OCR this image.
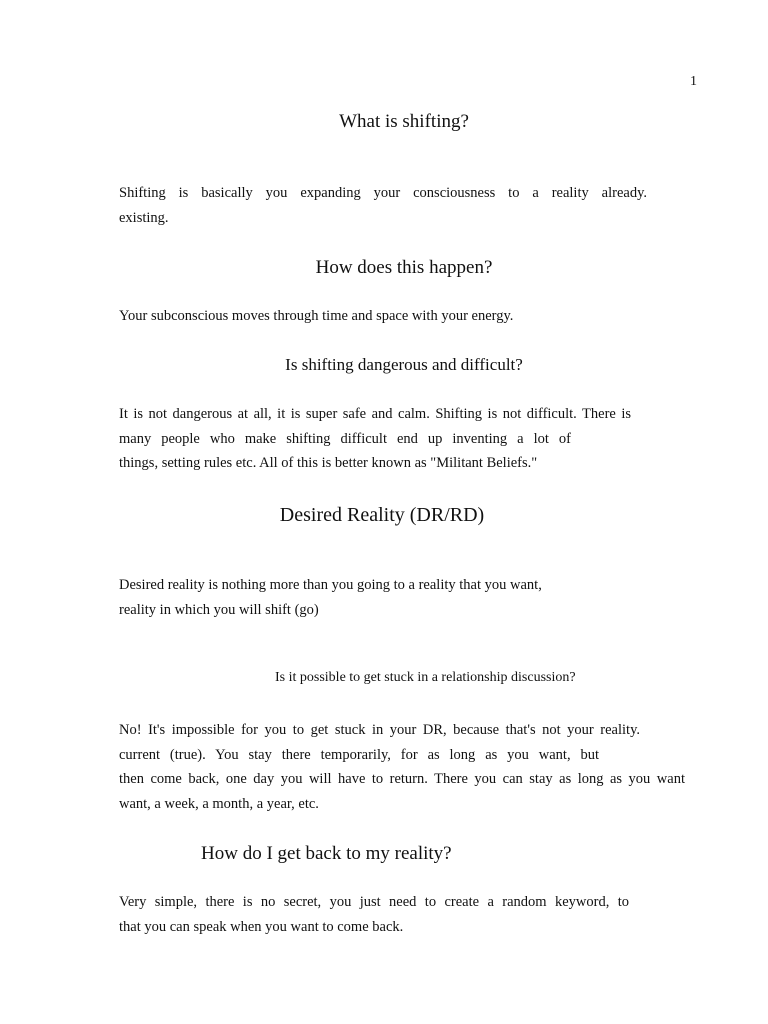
1
What is shifting?

Shifting is basically you expanding your consciousness to a reality already.
existing.

How does this happen?

Your subconscious moves through time and space with your energy.

Is shifting dangerous and difficult?

It is not dangerous at all, it is super safe and calm. Shifting is not difficult. There is
many people who make shifting difficult end up inventing a lot of
things, setting rules etc. All of this is better known as "Militant Beliefs."

Desired Reality (DR/RD)

Desired reality is nothing more than you going to a reality that you want,
reality in which you will shift (go)

Is it possible to get stuck in a relationship discussion?

No! It's impossible for you to get stuck in your DR, because that's not your reality.
current (true). You stay there temporarily, for as long as you want, but
then come back, one day you will have to return. There you can stay as long as you want
want, a week, a month, a year, etc.

How do I get back to my reality?

Very simple, there is no secret, you just need to create a random keyword, to
that you can speak when you want to come back.
